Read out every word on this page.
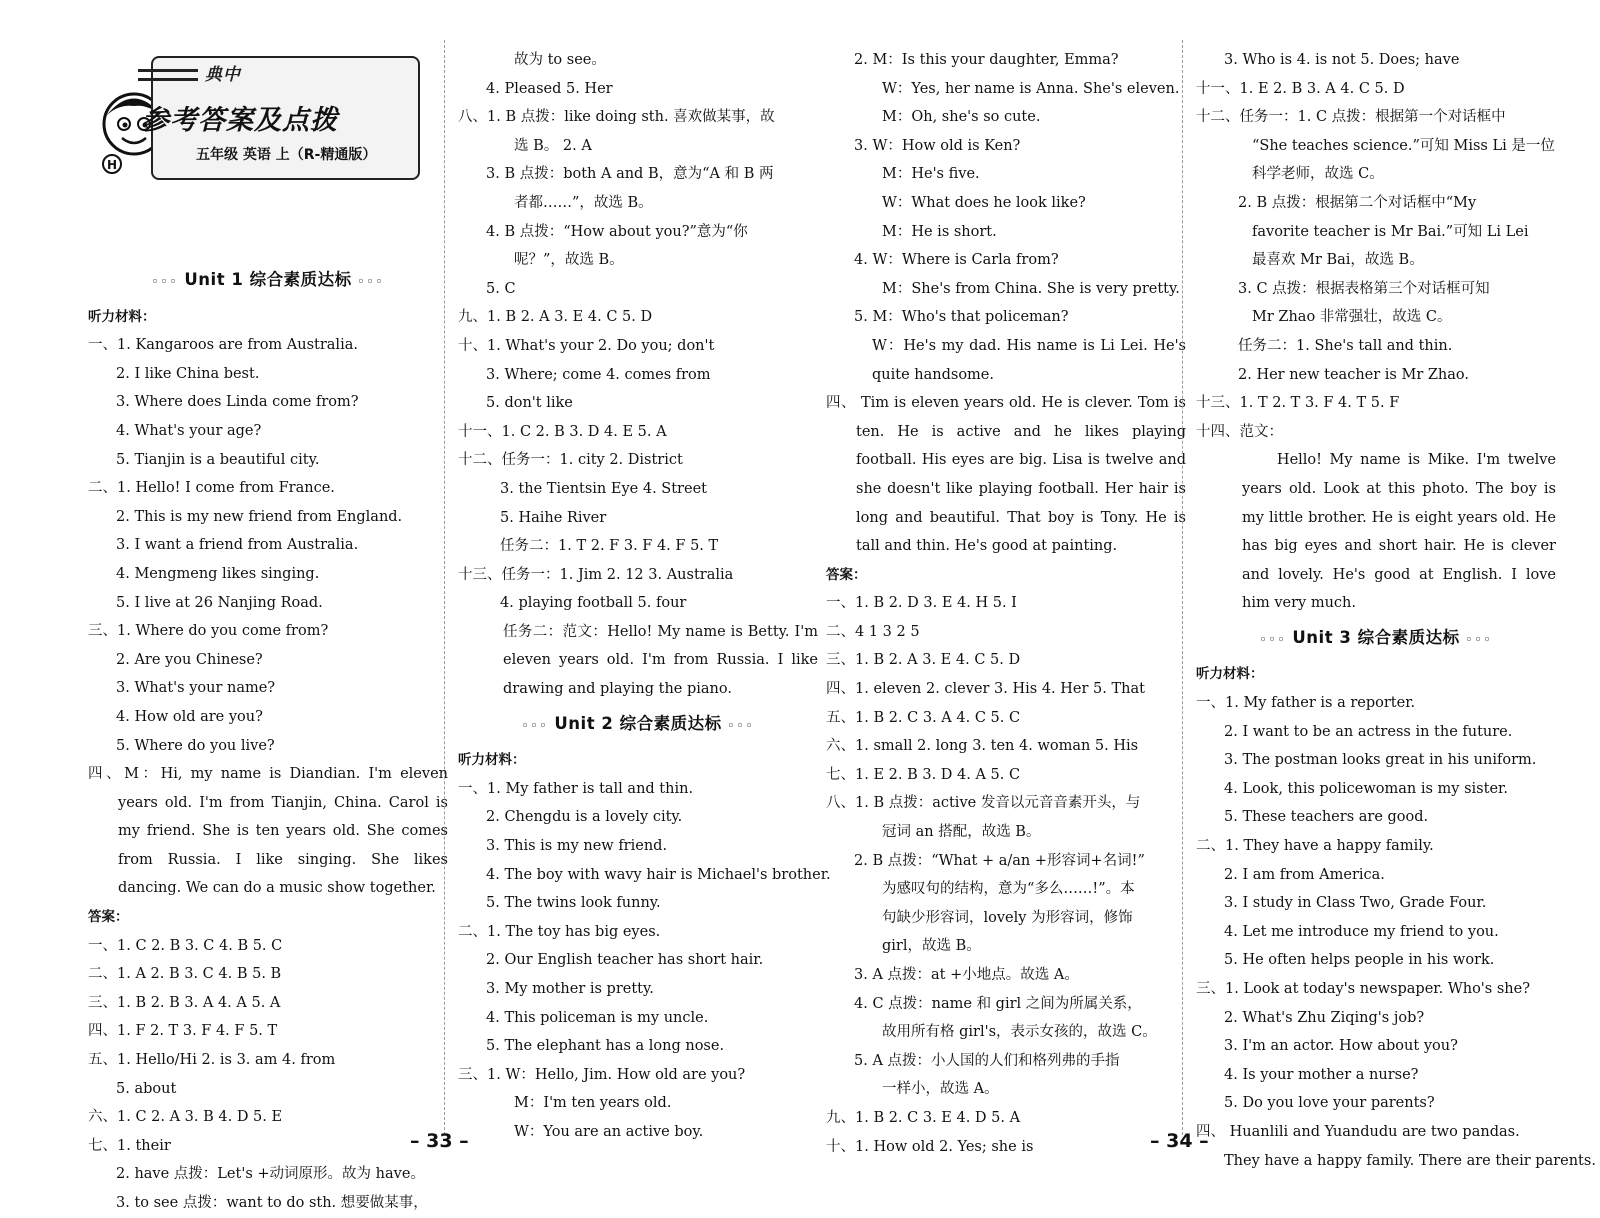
H
典中
参考答案及点拨
五年级 英语 上（R-精通版）
◦◦◦ Unit 1 综合素质达标 ◦◦◦
听力材料：
一、1. Kangaroos are from Australia.
2. I like China best.
3. Where does Linda come from?
4. What's your age?
5. Tianjin is a beautiful city.
二、1. Hello! I come from France.
2. This is my new friend from England.
3. I want a friend from Australia.
4. Mengmeng likes singing.
5. I live at 26 Nanjing Road.
三、1. Where do you come from?
2. Are you Chinese?
3. What's your name?
4. How old are you?
5. Where do you live?
四、M：Hi, my name is Diandian. I'm eleven years old. I'm from Tianjin, China. Carol is my friend. She is ten years old. She comes from Russia. I like singing. She likes dancing. We can do a music show together.
答案：
一、1. C 2. B 3. C 4. B 5. C
二、1. A 2. B 3. C 4. B 5. B
三、1. B 2. B 3. A 4. A 5. A
四、1. F 2. T 3. F 4. F 5. T
五、1. Hello/Hi 2. is 3. am 4. from
5. about
六、1. C 2. A 3. B 4. D 5. E
七、1. their
2. have 点拨：Let's +动词原形。故为 have。
3. to see 点拨：want to do sth. 想要做某事，
故为 to see。
4. Pleased 5. Her
八、1. B 点拨：like doing sth. 喜欢做某事，故
选 B。 2. A
3. B 点拨：both A and B，意为“A 和 B 两
者都……”，故选 B。
4. B 点拨：“How about you?”意为“你
呢？”，故选 B。
5. C
九、1. B 2. A 3. E 4. C 5. D
十、1. What's your 2. Do you; don't
3. Where; come 4. comes from
5. don't like
十一、1. C 2. B 3. D 4. E 5. A
十二、任务一：1. city 2. District
3. the Tientsin Eye 4. Street
5. Haihe River
任务二：1. T 2. F 3. F 4. F 5. T
十三、任务一：1. Jim 2. 12 3. Australia
4. playing football 5. four
任务二：范文：Hello! My name is Betty. I'm eleven years old. I'm from Russia. I like drawing and playing the piano.
◦◦◦ Unit 2 综合素质达标 ◦◦◦
听力材料：
一、1. My father is tall and thin.
2. Chengdu is a lovely city.
3. This is my new friend.
4. The boy with wavy hair is Michael's brother.
5. The twins look funny.
二、1. The toy has big eyes.
2. Our English teacher has short hair.
3. My mother is pretty.
4. This policeman is my uncle.
5. The elephant has a long nose.
三、1. W：Hello, Jim. How old are you?
M：I'm ten years old.
W：You are an active boy.
2. M：Is this your daughter, Emma?
W：Yes, her name is Anna. She's eleven.
M：Oh, she's so cute.
3. W：How old is Ken?
M：He's five.
W：What does he look like?
M：He is short.
4. W：Where is Carla from?
M：She's from China. She is very pretty.
5. M：Who's that policeman?
W：He's my dad. His name is Li Lei. He's quite handsome.
四、 Tim is eleven years old. He is clever. Tom is ten. He is active and he likes playing football. His eyes are big. Lisa is twelve and she doesn't like playing football. Her hair is long and beautiful. That boy is Tony. He is tall and thin. He's good at painting.
答案：
一、1. B 2. D 3. E 4. H 5. I
二、4 1 3 2 5
三、1. B 2. A 3. E 4. C 5. D
四、1. eleven 2. clever 3. His 4. Her 5. That
五、1. B 2. C 3. A 4. C 5. C
六、1. small 2. long 3. ten 4. woman 5. His
七、1. E 2. B 3. D 4. A 5. C
八、1. B 点拨：active 发音以元音音素开头，与
冠词 an 搭配，故选 B。
2. B 点拨：“What + a/an +形容词+名词!”
为感叹句的结构，意为“多么……!”。本
句缺少形容词，lovely 为形容词，修饰
girl，故选 B。
3. A 点拨：at +小地点。故选 A。
4. C 点拨：name 和 girl 之间为所属关系，
故用所有格 girl's，表示女孩的，故选 C。
5. A 点拨：小人国的人们和格列弗的手指
一样小，故选 A。
九、1. B 2. C 3. E 4. D 5. A
十、1. How old 2. Yes; she is
3. Who is 4. is not 5. Does; have
十一、1. E 2. B 3. A 4. C 5. D
十二、任务一：1. C 点拨：根据第一个对话框中
“She teaches science.”可知 Miss Li 是一位
科学老师，故选 C。
2. B 点拨：根据第二个对话框中“My
favorite teacher is Mr Bai.”可知 Li Lei
最喜欢 Mr Bai，故选 B。
3. C 点拨：根据表格第三个对话框可知
Mr Zhao 非常强壮，故选 C。
任务二：1. She's tall and thin.
2. Her new teacher is Mr Zhao.
十三、1. T 2. T 3. F 4. T 5. F
十四、范文：
　　Hello! My name is Mike. I'm twelve years old. Look at this photo. The boy is my little brother. He is eight years old. He has big eyes and short hair. He is clever and lovely. He's good at English. I love him very much.
◦◦◦ Unit 3 综合素质达标 ◦◦◦
听力材料：
一、1. My father is a reporter.
2. I want to be an actress in the future.
3. The postman looks great in his uniform.
4. Look, this policewoman is my sister.
5. These teachers are good.
二、1. They have a happy family.
2. I am from America.
3. I study in Class Two, Grade Four.
4. Let me introduce my friend to you.
5. He often helps people in his work.
三、1. Look at today's newspaper. Who's she?
2. What's Zhu Ziqing's job?
3. I'm an actor. How about you?
4. Is your mother a nurse?
5. Do you love your parents?
四、 Huanlili and Yuandudu are two pandas.
They have a happy family. There are their parents.
– 33 –	– 34 –
